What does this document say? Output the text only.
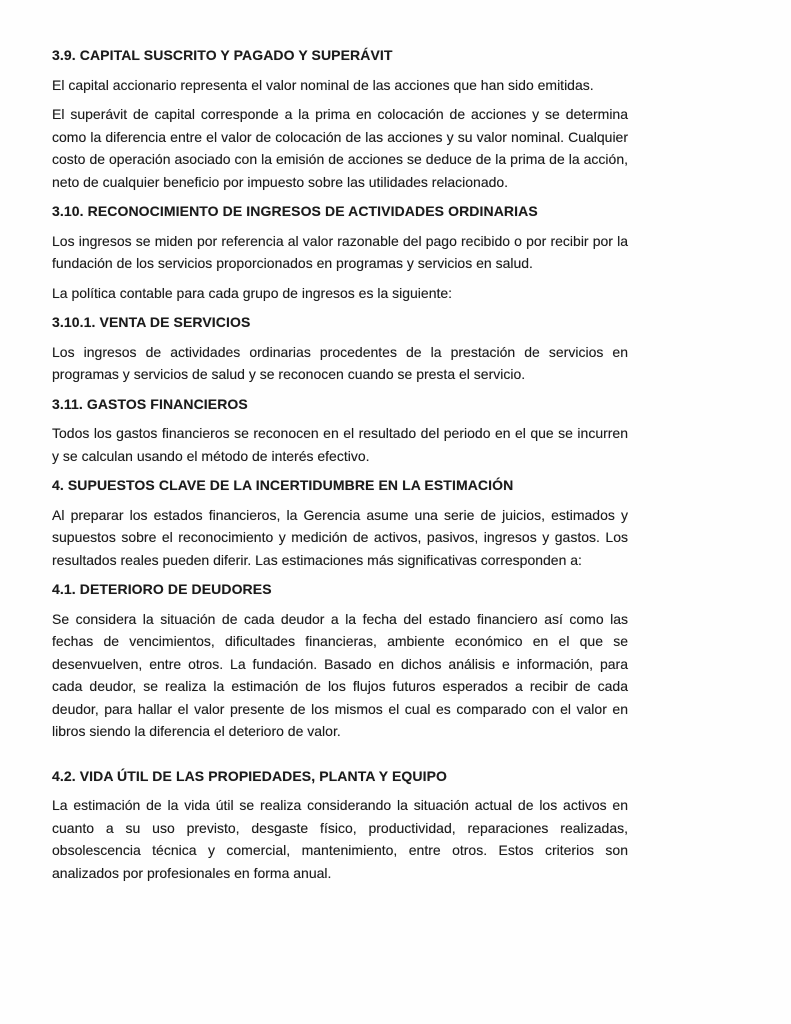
3.9. CAPITAL SUSCRITO Y PAGADO Y SUPERÁVIT

El capital accionario representa el valor nominal de las acciones que han sido emitidas.

El superávit de capital corresponde a la prima en colocación de acciones y se determina como la diferencia entre el valor de colocación de las acciones y su valor nominal. Cualquier costo de operación asociado con la emisión de acciones se deduce de la prima de la acción, neto de cualquier beneficio por impuesto sobre las utilidades relacionado.

3.10. RECONOCIMIENTO DE INGRESOS DE ACTIVIDADES ORDINARIAS

Los ingresos se miden por referencia al valor razonable del pago recibido o por recibir por la fundación de los servicios proporcionados en programas y servicios en salud.

La política contable para cada grupo de ingresos es la siguiente:

3.10.1. VENTA DE SERVICIOS

Los ingresos de actividades ordinarias procedentes de la prestación de servicios en programas y servicios de salud y se reconocen cuando se presta el servicio.

3.11. GASTOS FINANCIEROS

Todos los gastos financieros se reconocen en el resultado del periodo en el que se incurren y se calculan usando el método de interés efectivo.

4. SUPUESTOS CLAVE DE LA INCERTIDUMBRE EN LA ESTIMACIÓN

Al preparar los estados financieros, la Gerencia asume una serie de juicios, estimados y supuestos sobre el reconocimiento y medición de activos, pasivos, ingresos y gastos. Los resultados reales pueden diferir. Las estimaciones más significativas corresponden a:

4.1. DETERIORO DE DEUDORES

Se considera la situación de cada deudor a la fecha del estado financiero así como las fechas de vencimientos, dificultades financieras, ambiente económico en el que se desenvuelven, entre otros. La fundación. Basado en dichos análisis e información, para cada deudor, se realiza la estimación de los flujos futuros esperados a recibir de cada deudor, para hallar el valor presente de los mismos el cual es comparado con el valor en libros siendo la diferencia el deterioro de valor.

4.2. VIDA ÚTIL DE LAS PROPIEDADES, PLANTA Y EQUIPO

La estimación de la vida útil se realiza considerando la situación actual de los activos en cuanto a su uso previsto, desgaste físico, productividad, reparaciones realizadas, obsolescencia técnica y comercial, mantenimiento, entre otros. Estos criterios son analizados por profesionales en forma anual.
